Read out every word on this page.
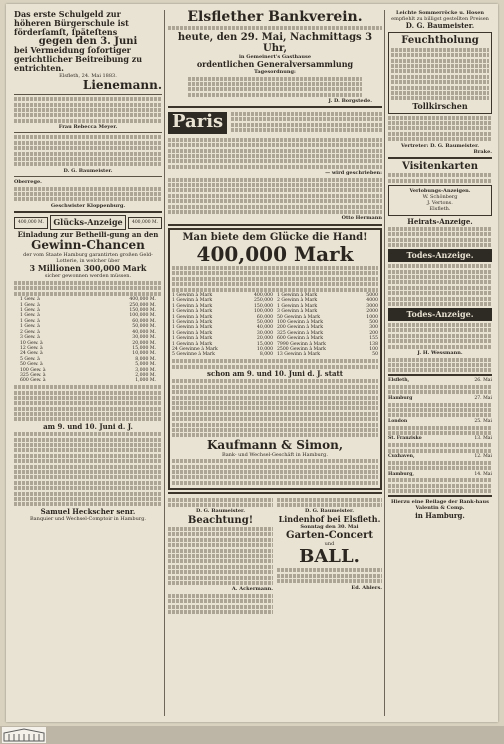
Das erste Schulgeld zur
höheren Bürgerschule ist
förderſamſt, ſpäteſtens
gegen den 3. Juni
bei Vermeidung ſofortiger
gerichtlicher Beitreibung zu
entrichten.
Elsfleth, 24. Mai 1883.
Lienemann.
Frau Rebecca Meyer.
D. G. Baumeister.
Oberrege.
Geschwister Kloppenburg.
400,000 M.	Glücks-Anzeige	400,000 M.
Einladung zur Betheili-gung an den
Gewinn-Chancen
der vom Staate Hamburg garantirten großen Geld-Lotterie, in welcher über
3 Millionen 300,000 Mark
sicher gewonnen werden müssen.
1 Gew. à	400,000 M.
1 Gew. à	250,000 M.
1 Gew. à	150,000 M.
1 Gew. à	100,000 M.
1 Gew. à	60,000 M.
1 Gew. à	50,000 M.
2 Gew. à	40,000 M.
3 Gew. à	30,000 M.
10 Gew. à	20,000 M.
12 Gew. à	15,000 M.
24 Gew. à	10,000 M.
5 Gew. à	8,000 M.
50 Gew. à	5,000 M.
100 Gew. à	3,000 M.
325 Gew. à	2,000 M.
600 Gew. à	1,000 M.
am 9. und 10. Juni d. J.
Samuel Heckscher senr.
Banquier und Wechsel-Comptoir in Hamburg.
Elsflether Bankverein.
heute, den 29. Mai, Nachmittags 3 Uhr,
in Gemeinert's Gasthause
ordentlichen Generalversammlung
Tagesordnung:
J. D. Borgstede.
Paris
— wird geschrieben:
Otto Hermann
Man biete dem Glücke die Hand!
400,000 Mark
1 Gewinn à Mark	400,000
1 Gewinn à Mark	250,000
1 Gewinn à Mark	150,000
1 Gewinn à Mark	100,000
1 Gewinn à Mark	60,000
1 Gewinn à Mark	50,000
1 Gewinn à Mark	40,000
1 Gewinn à Mark	30,000
1 Gewinn à Mark	20,000
1 Gewinn à Mark	15,000
24 Gewinne à Mark	10,000
5 Gewinne à Mark	8,000
1 Gewinn à Mark	5000
2 Gewinn à Mark	4000
1 Gewinn à Mark	3000
3 Gewinn à Mark	2000
50 Gewinn à Mark	1000
100 Gewinn à Mark	500
200 Gewinn à Mark	300
325 Gewinn à Mark	200
600 Gewinn à Mark	155
7990 Gewinn à Mark	138
2500 Gewinn à Mark	100
13 Gewinn à Mark	50
schon am 9. und 10. Juni d. J. statt
Kaufmann & Simon,
Bank- und Wechsel-Geschäft in Hamburg.
D. G. Baumeister.
Beachtung!
A. Ackermann.
D. G. Baumeister.
Lindenhof bei Elsfleth.
Sonntag den 30. Mai
Garten-Concert
und
BALL.
Ed. Ahlers.
Leichte Sommerröcke u. Hosen
empfiehlt zu billigst gestellten Preisen
D. G. Baumeister.
Feuchtholung
Tollkirschen
Vertreter: D. G. Baumeister.
Brake.
Visitenkarten
Verlobungs-Anzeigen.
W. Schönberg
J. Vertons.
Elsfleth.
Heirats-Anzeige.
Todes-Anzeige.
Todes-Anzeige.
J. H. Wessmann.
Elsfleth,	26. Mai
Hamburg	27. Mai
London	25. Mai
St. Franzisko	13. Mai
Cuxhaven,	12. Mai
Hamburg,	14. Mai
Hierzu eine Beilage der Bank-haus Valentin & Comp.
in Hamburg.
